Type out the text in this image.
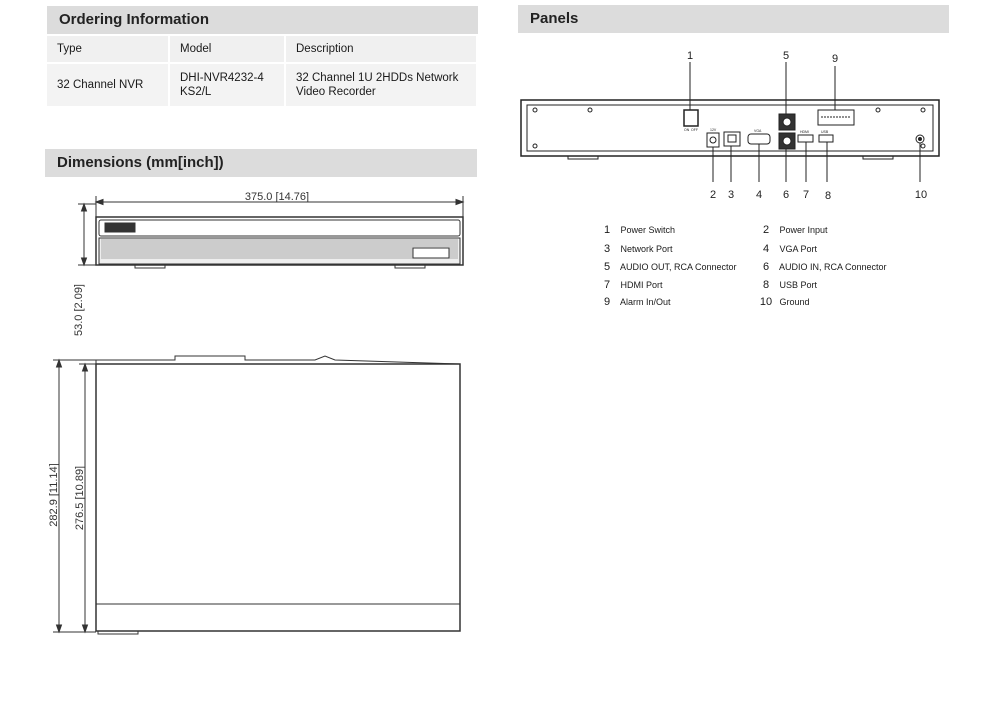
Ordering Information
Type	Model	Description
32 Channel NVR	DHI-NVR4232-4KS2/L	32 Channel 1U 2HDDs Network Video Recorder
Dimensions (mm[inch])
375.0 [14.76]
53.0 [2.09]
282.9 [11.14] 276.5 [10.89]
Panels
ON OFF	12V	VGA	HDMI	USB
1	5	9
2 3 4 6 7 8	10
1 Power Switch	2 Power Input
3 Network Port	4 VGA Port
5 AUDIO OUT, RCA Connector	6 AUDIO IN, RCA Connector
7 HDMI Port	8 USB Port
9 Alarm In/Out	10 Ground
